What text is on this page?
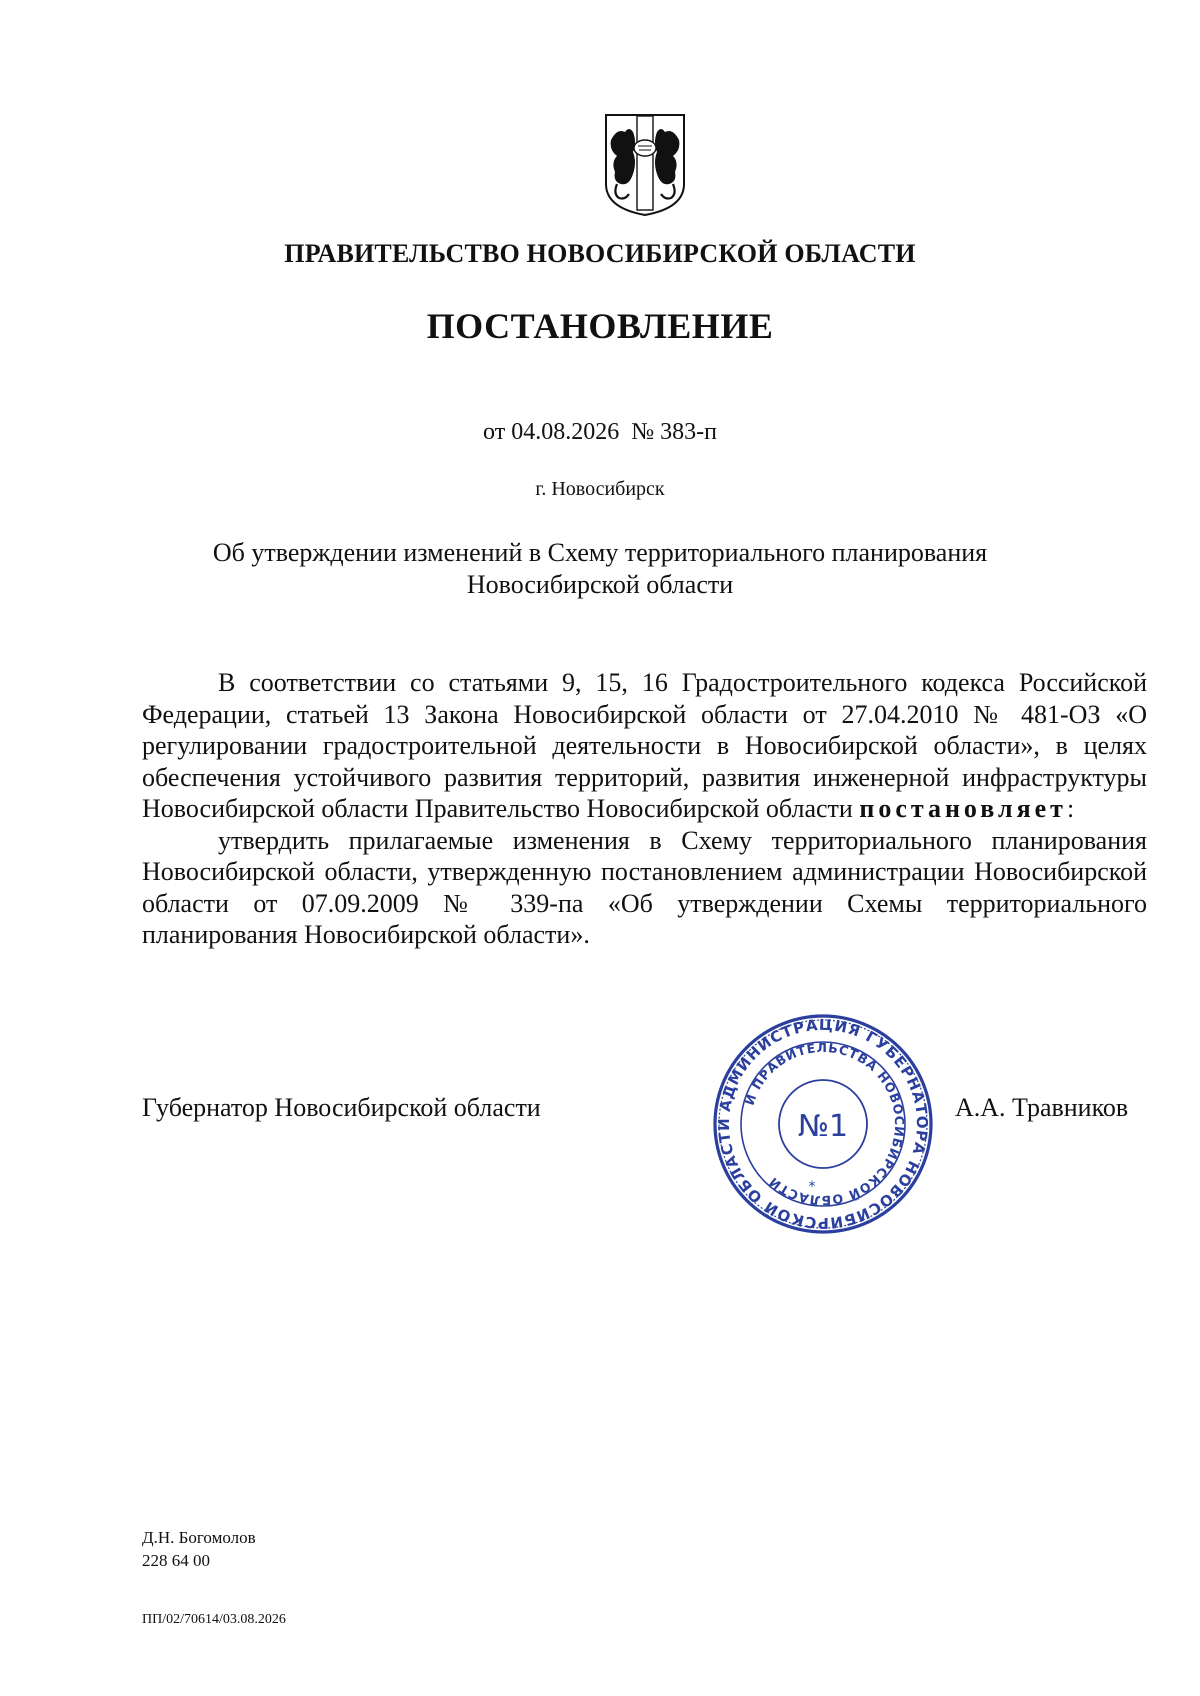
ПРАВИТЕЛЬСТВО НОВОСИБИРСКОЙ ОБЛАСТИ
ПОСТАНОВЛЕНИЕ
от 04.08.2026  № 383-п
г. Новосибирск
Об утверждении изменений в Схему территориального планирования
Новосибирской области

В соответствии со статьями 9, 15, 16 Градостроительного кодекса Российской Федерации, статьей 13 Закона Новосибирской области от 27.04.2010 № 481-ОЗ «О регулировании градостроительной деятельности в Новосибирской области», в целях обеспечения устойчивого развития территорий, развития инженерной инфраструктуры Новосибирской области Правительство Новосибирской области постановляет:

утвердить прилагаемые изменения в Схему территориального планирования Новосибирской области, утвержденную постановлением администрации Новосибирской области от 07.09.2009 № 339-па «Об утверждении Схемы территориального планирования Новосибирской области».

Губернатор Новосибирской области	АДМИНИСТРАЦИЯ ГУБЕРНАТОРА НОВОСИБИРСКОЙ ОБЛАСТИ
И ПРАВИТЕЛЬСТВА НОВОСИБИРСКОЙ ОБЛАСТИ
№1
*
А.А. Травников
Д.Н. Богомолов
228 64 00
ПП/02/70614/03.08.2026
